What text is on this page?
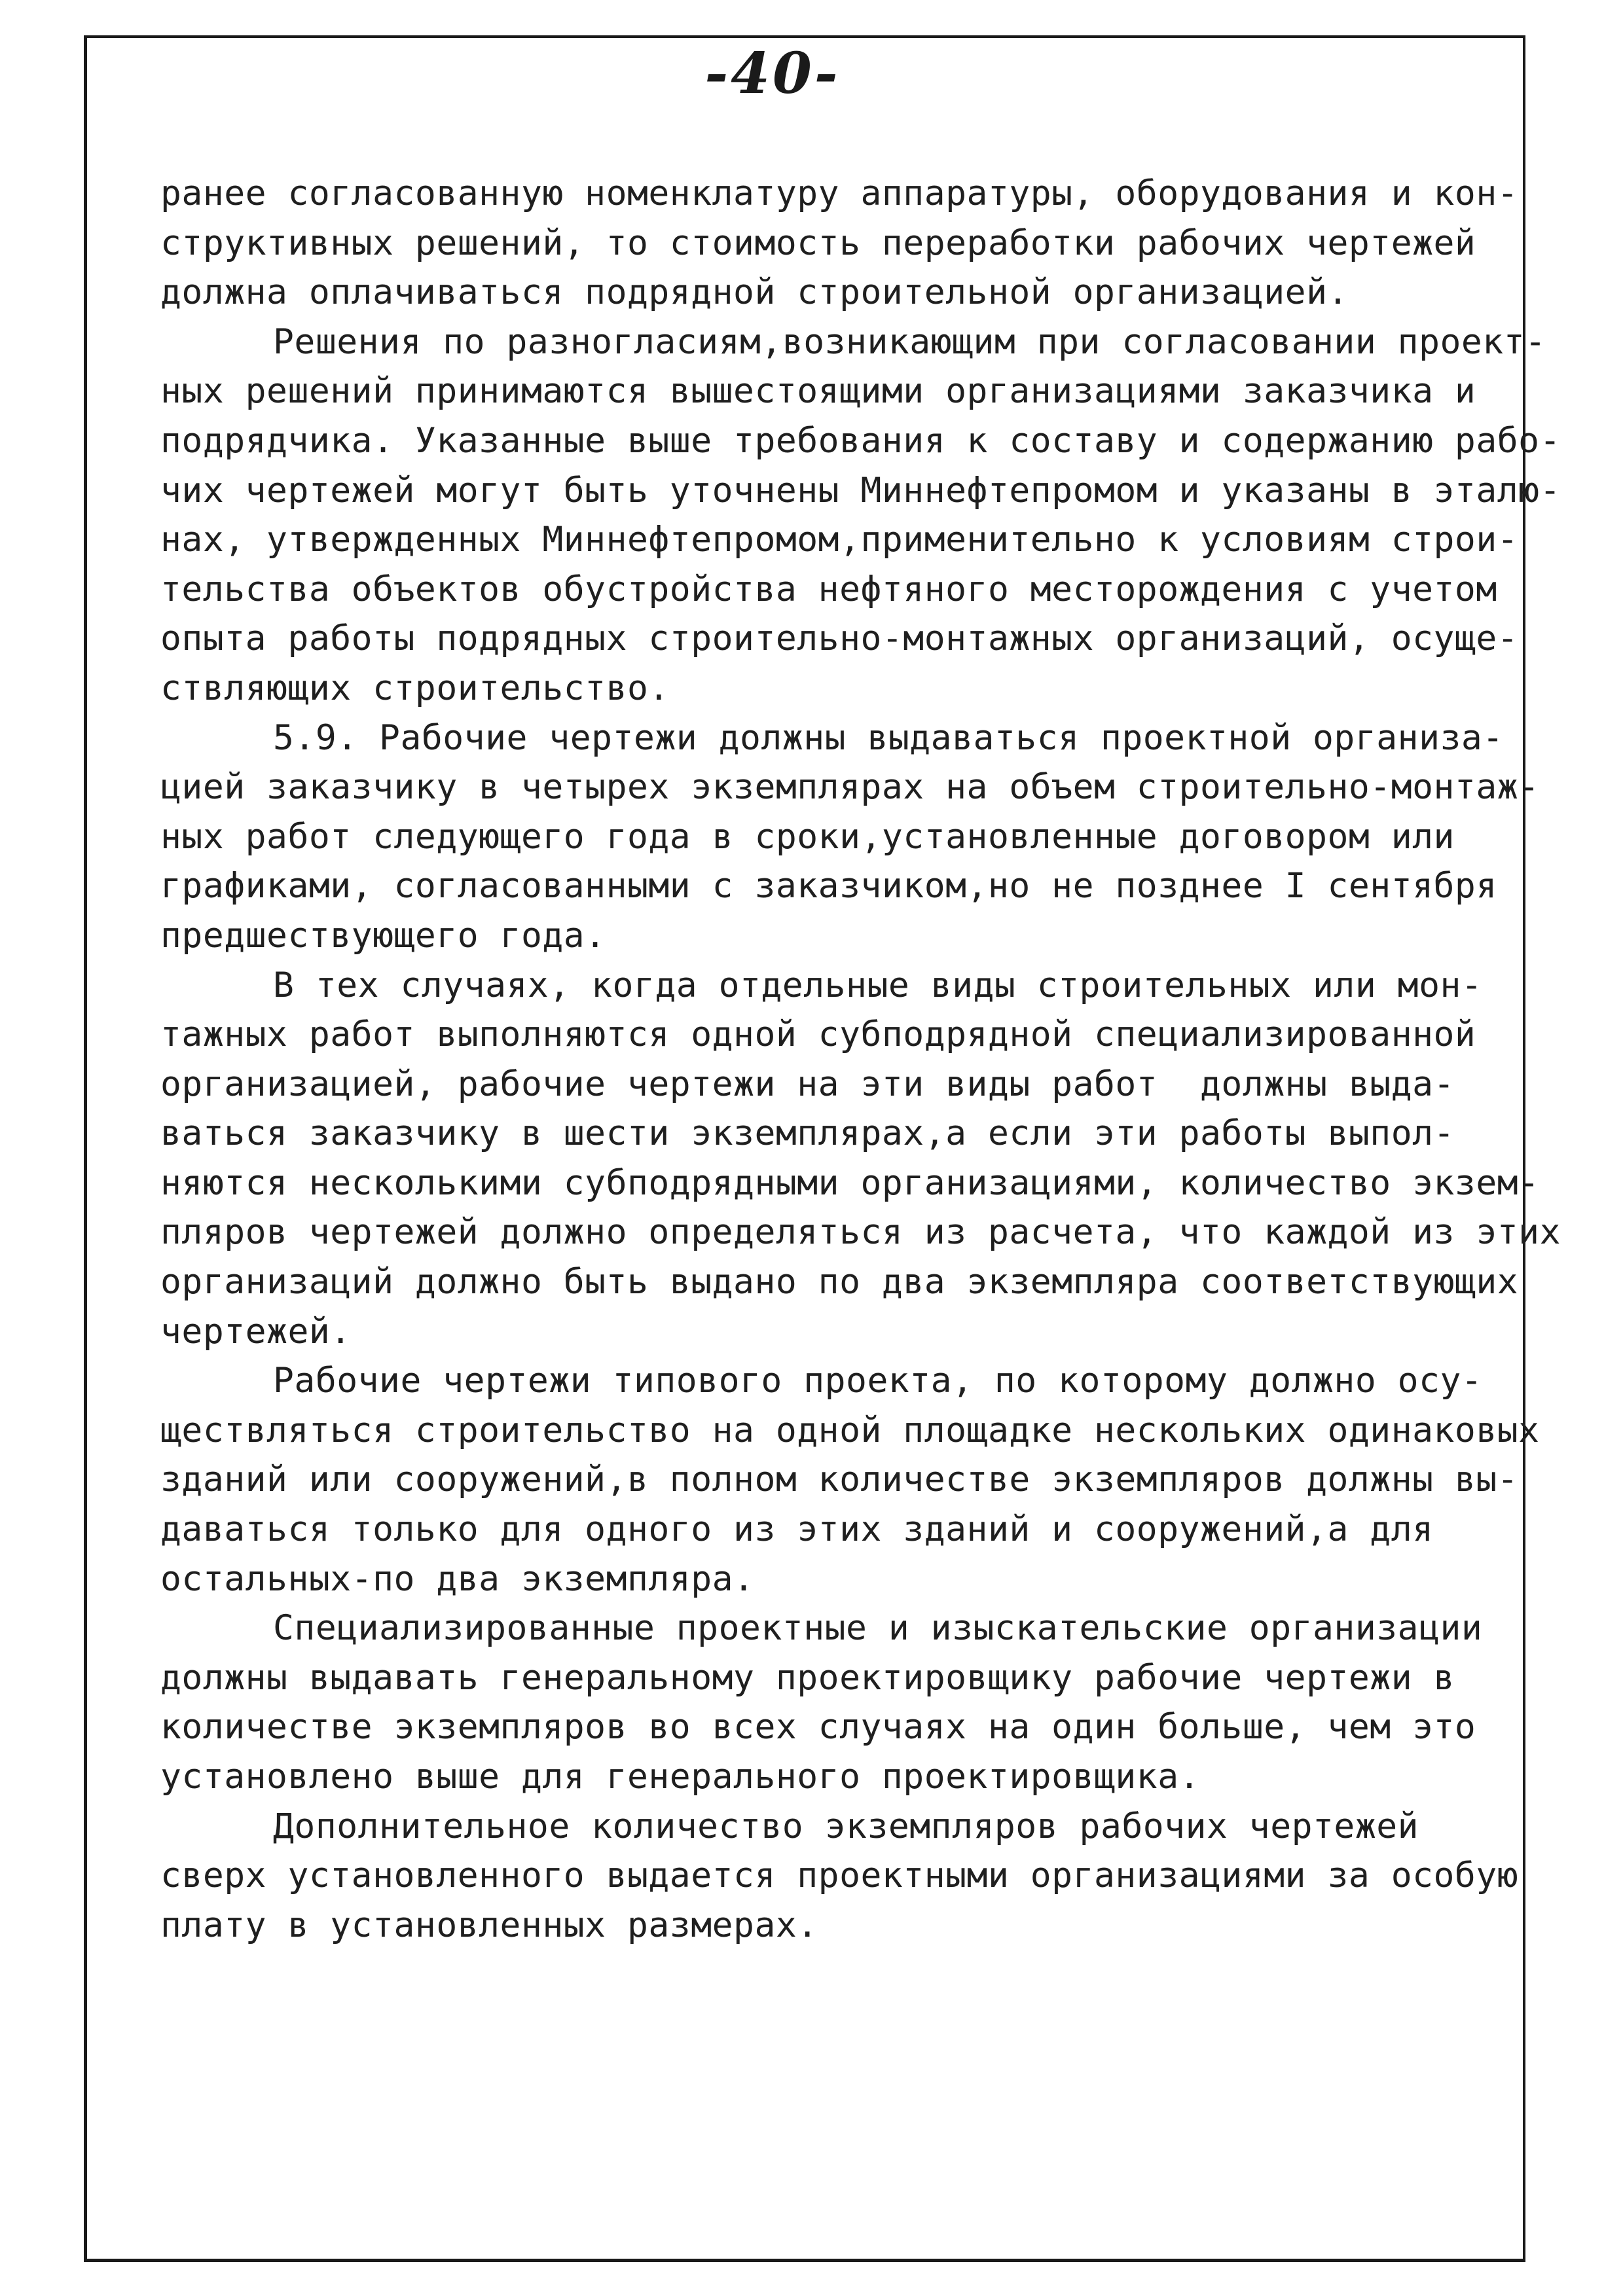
-40-
ранее согласованную номенклатуру аппаратуры, оборудования и кон-
структивных решений, то стоимость переработки рабочих чертежей
должна оплачиваться подрядной строительной организацией.
Решения по разногласиям,возникающим при согласовании проект-
ных решений принимаются вышестоящими организациями заказчика и
подрядчика. Указанные выше требования к составу и содержанию рабо-
чих чертежей могут быть уточнены Миннефтепромом и указаны в эталю-
нах, утвержденных Миннефтепромом,применительно к условиям строи-
тельства объектов обустройства нефтяного месторождения с учетом
опыта работы подрядных строительно-монтажных организаций, осуще-
ствляющих строительство.
5.9. Рабочие чертежи должны выдаваться проектной организа-
цией заказчику в четырех экземплярах на объем строительно-монтаж-
ных работ следующего года в сроки,установленные договором или
графиками, согласованными с заказчиком,но не позднее I сентября
предшествующего года.
В тех случаях, когда отдельные виды строительных или мон-
тажных работ выполняются одной субподрядной специализированной
организацией, рабочие чертежи на эти виды работ  должны выда-
ваться заказчику в шести экземплярах,а если эти работы выпол-
няются несколькими субподрядными организациями, количество экзем-
пляров чертежей должно определяться из расчета, что каждой из этих
организаций должно быть выдано по два экземпляра соответствующих
чертежей.
Рабочие чертежи типового проекта, по которому должно осу-
ществляться строительство на одной площадке нескольких одинаковых
зданий или сооружений,в полном количестве экземпляров должны вы-
даваться только для одного из этих зданий и сооружений,а для
остальных-по два экземпляра.
Специализированные проектные и изыскательские организации
должны выдавать генеральному проектировщику рабочие чертежи в
количестве экземпляров во всех случаях на один больше, чем это
установлено выше для генерального проектировщика.
Дополнительное количество экземпляров рабочих чертежей
сверх установленного выдается проектными организациями за особую
плату в установленных размерах.
